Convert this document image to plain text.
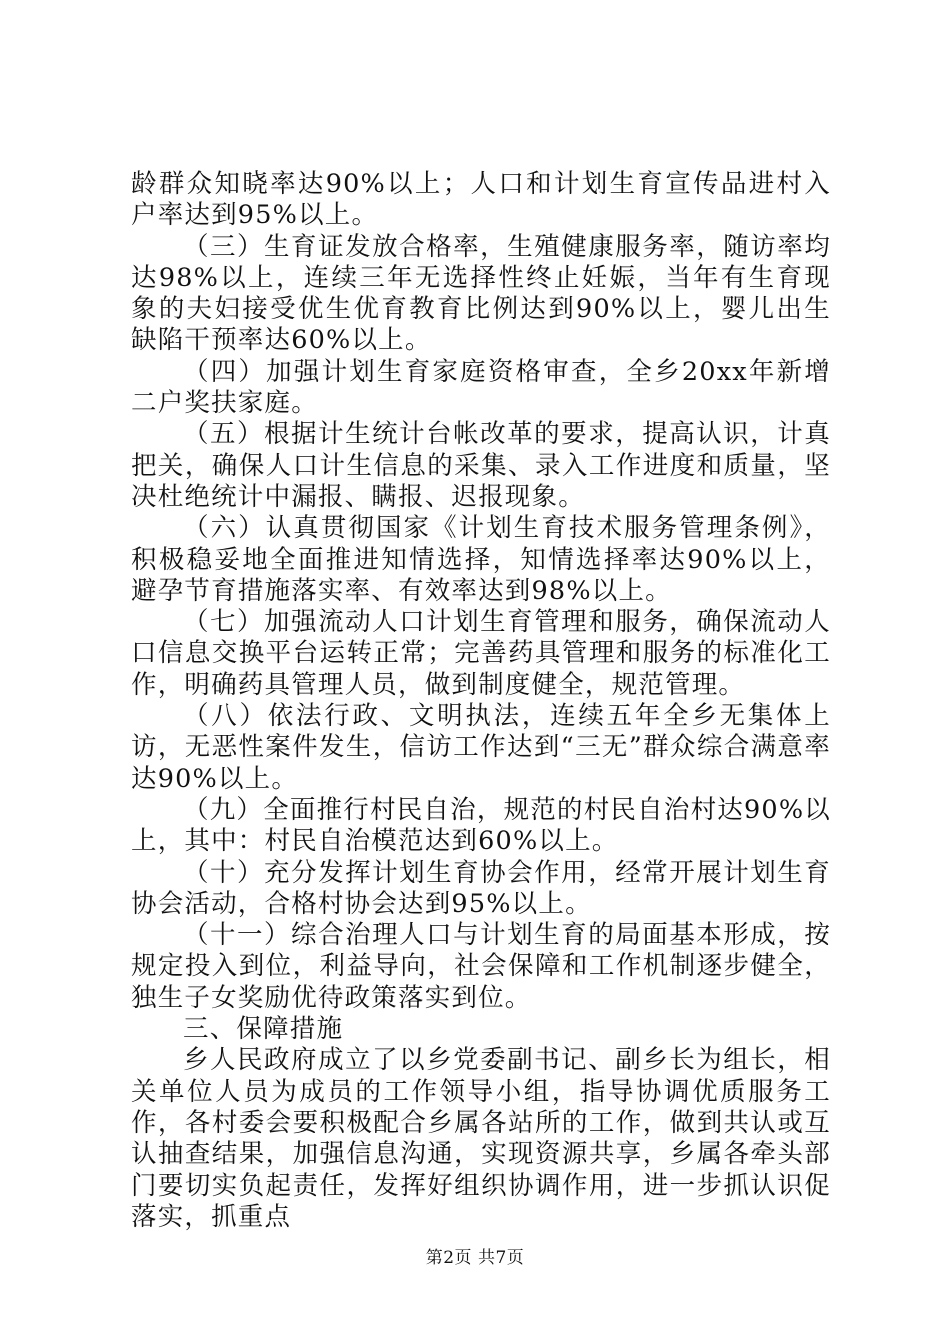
龄群众知晓率达90%以上；人口和计划生育宣传品进村入户率达到95%以上。

（三）生育证发放合格率，生殖健康服务率，随访率均达98%以上，连续三年无选择性终止妊娠，当年有生育现象的夫妇接受优生优育教育比例达到90%以上，婴儿出生缺陷干预率达60%以上。

（四）加强计划生育家庭资格审查，全乡20xx年新增二户奖扶家庭。

（五）根据计生统计台帐改革的要求，提高认识，计真把关，确保人口计生信息的采集、录入工作进度和质量，坚决杜绝统计中漏报、瞒报、迟报现象。

（六）认真贯彻国家《计划生育技术服务管理条例》，积极稳妥地全面推进知情选择，知情选择率达90%以上，避孕节育措施落实率、有效率达到98%以上。

（七）加强流动人口计划生育管理和服务，确保流动人口信息交换平台运转正常；完善药具管理和服务的标准化工作，明确药具管理人员，做到制度健全，规范管理。

（八）依法行政、文明执法，连续五年全乡无集体上访，无恶性案件发生，信访工作达到“三无”群众综合满意率达90%以上。

（九）全面推行村民自治，规范的村民自治村达90%以上，其中：村民自治模范达到60%以上。

（十）充分发挥计划生育协会作用，经常开展计划生育协会活动，合格村协会达到95%以上。

（十一）综合治理人口与计划生育的局面基本形成，按规定投入到位，利益导向，社会保障和工作机制逐步健全，独生子女奖励优待政策落实到位。

三、保障措施

乡人民政府成立了以乡党委副书记、副乡长为组长，相关单位人员为成员的工作领导小组，指导协调优质服务工作，各村委会要积极配合乡属各站所的工作，做到共认或互认抽查结果，加强信息沟通，实现资源共享，乡属各牵头部门要切实负起责任，发挥好组织协调作用，进一步抓认识促落实，抓重点

第2页 共7页
